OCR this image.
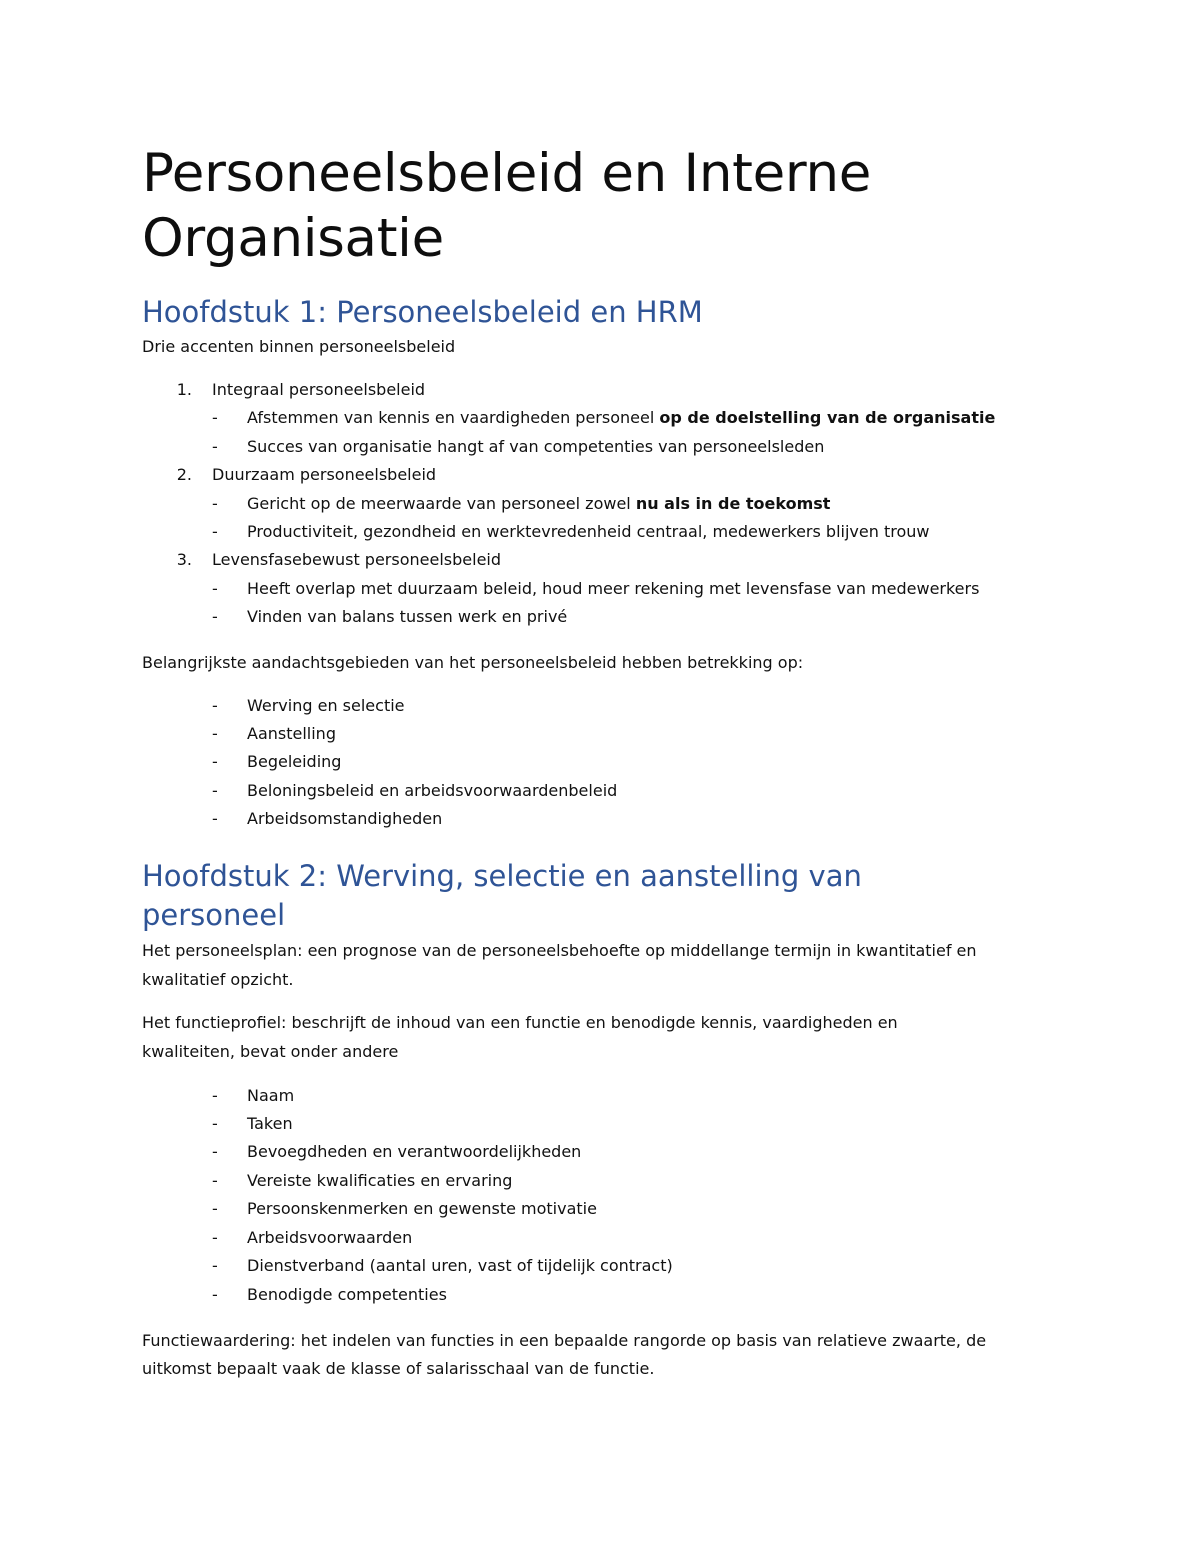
Personeelsbeleid en Interne
Organisatie
Hoofdstuk 1: Personeelsbeleid en HRM
Drie accenten binnen personeelsbeleid
1. Integraal personeelsbeleid
- Afstemmen van kennis en vaardigheden personeel op de doelstelling van de organisatie
- Succes van organisatie hangt af van competenties van personeelsleden
2. Duurzaam personeelsbeleid
- Gericht op de meerwaarde van personeel zowel nu als in de toekomst
- Productiviteit, gezondheid en werktevredenheid centraal, medewerkers blijven trouw
3. Levensfasebewust personeelsbeleid
- Heeft overlap met duurzaam beleid, houd meer rekening met levensfase van medewerkers
- Vinden van balans tussen werk en privé
Belangrijkste aandachtsgebieden van het personeelsbeleid hebben betrekking op:
- Werving en selectie
- Aanstelling
- Begeleiding
- Beloningsbeleid en arbeidsvoorwaardenbeleid
- Arbeidsomstandigheden
Hoofdstuk 2: Werving, selectie en aanstelling van
personeel
Het personeelsplan: een prognose van de personeelsbehoefte op middellange termijn in kwantitatief en
kwalitatief opzicht.
Het functieprofiel: beschrijft de inhoud van een functie en benodigde kennis, vaardigheden en
kwaliteiten, bevat onder andere
- Naam
- Taken
- Bevoegdheden en verantwoordelijkheden
- Vereiste kwalificaties en ervaring
- Persoonskenmerken en gewenste motivatie
- Arbeidsvoorwaarden
- Dienstverband (aantal uren, vast of tijdelijk contract)
- Benodigde competenties
Functiewaardering: het indelen van functies in een bepaalde rangorde op basis van relatieve zwaarte, de
uitkomst bepaalt vaak de klasse of salarisschaal van de functie.
